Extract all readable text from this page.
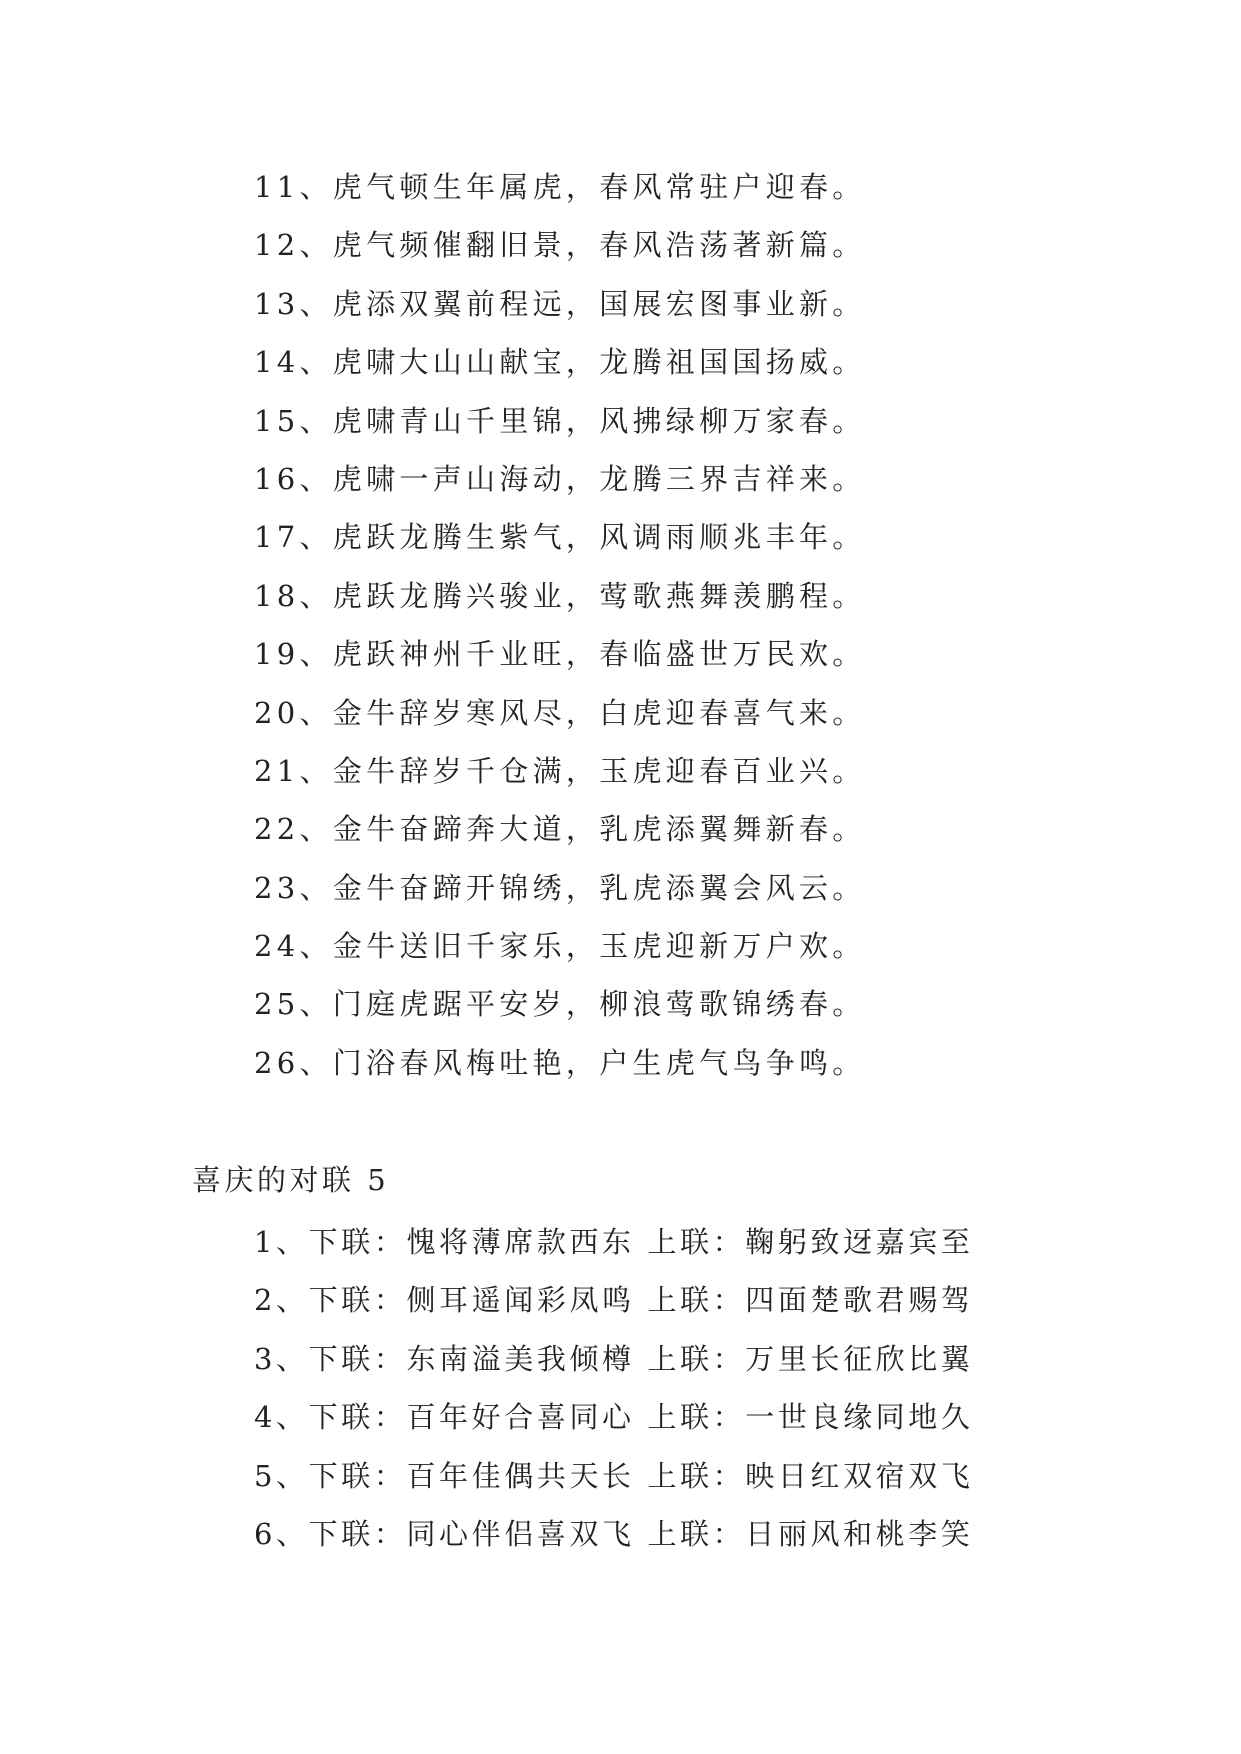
11、虎气顿生年属虎，春风常驻户迎春。
12、虎气频催翻旧景，春风浩荡著新篇。
13、虎添双翼前程远，国展宏图事业新。
14、虎啸大山山献宝，龙腾祖国国扬威。
15、虎啸青山千里锦，风拂绿柳万家春。
16、虎啸一声山海动，龙腾三界吉祥来。
17、虎跃龙腾生紫气，风调雨顺兆丰年。
18、虎跃龙腾兴骏业，莺歌燕舞羡鹏程。
19、虎跃神州千业旺，春临盛世万民欢。
20、金牛辞岁寒风尽，白虎迎春喜气来。
21、金牛辞岁千仓满，玉虎迎春百业兴。
22、金牛奋蹄奔大道，乳虎添翼舞新春。
23、金牛奋蹄开锦绣，乳虎添翼会风云。
24、金牛送旧千家乐，玉虎迎新万户欢。
25、门庭虎踞平安岁，柳浪莺歌锦绣春。
26、门浴春风梅吐艳，户生虎气鸟争鸣。
喜庆的对联 5
1、下联：愧将薄席款西东 上联：鞠躬致迓嘉宾至
2、下联：侧耳遥闻彩凤鸣 上联：四面楚歌君赐驾
3、下联：东南溢美我倾樽 上联：万里长征欣比翼
4、下联：百年好合喜同心 上联：一世良缘同地久
5、下联：百年佳偶共天长 上联：映日红双宿双飞
6、下联：同心伴侣喜双飞 上联：日丽风和桃李笑
